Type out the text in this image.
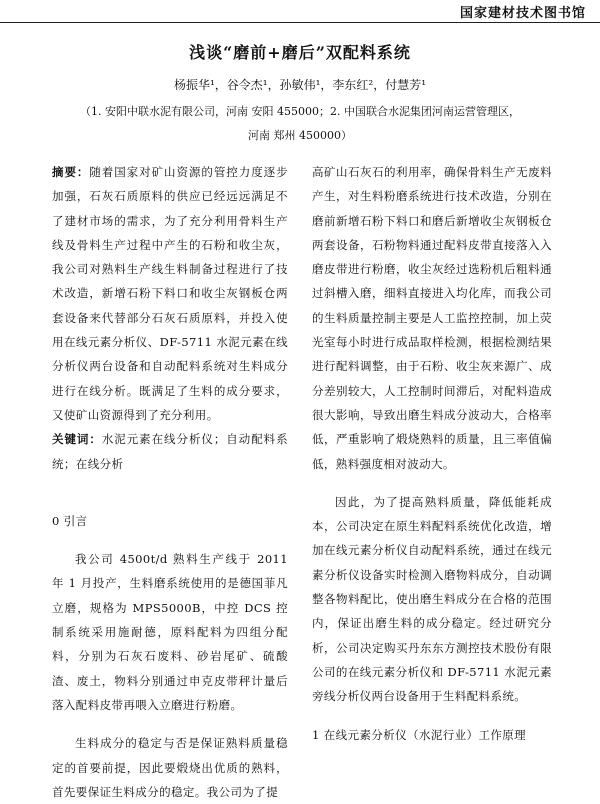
国家建材技术图书馆
浅谈“磨前+磨后”双配料系统
杨振华¹，谷令杰¹，孙敏伟¹，李东红²，付慧芳¹
（1. 安阳中联水泥有限公司，河南 安阳 455000；2. 中国联合水泥集团河南运营管理区，
河南 郑州 450000）

摘要：随着国家对矿山资源的管控力度逐步加强，石灰石质原料的供应已经远远满足不了建材市场的需求，为了充分利用骨料生产线及骨料生产过程中产生的石粉和收尘灰，我公司对熟料生产线生料制备过程进行了技术改造，新增石粉下料口和收尘灰钢板仓两套设备来代替部分石灰石质原料，并投入使用在线元素分析仪、DF-5711 水泥元素在线分析仪两台设备和自动配料系统对生料成分进行在线分析。既满足了生料的成分要求，又使矿山资源得到了充分利用。

关键词：水泥元素在线分析仪；自动配料系统；在线分析

0 引言

我公司 4500t/d 熟料生产线于 2011 年 1 月投产，生料磨系统使用的是德国菲凡立磨，规格为 MPS5000B，中控 DCS 控制系统采用施耐德，原料配料为四组分配料，分别为石灰石废料、砂岩尾矿、硫酸渣、废土，物料分别通过申克皮带秤计量后落入配料皮带再喂入立磨进行粉磨。

生料成分的稳定与否是保证熟料质量稳定的首要前提，因此要煅烧出优质的熟料，首先要保证生料成分的稳定。我公司为了提

高矿山石灰石的利用率，确保骨料生产无废料产生，对生料粉磨系统进行技术改造，分别在磨前新增石粉下料口和磨后新增收尘灰钢板仓两套设备，石粉物料通过配料皮带直接落入入磨皮带进行粉磨，收尘灰经过选粉机后粗料通过斜槽入磨，细料直接进入均化库，而我公司的生料质量控制主要是人工监控控制，加上荧光室每小时进行成品取样检测，根据检测结果进行配料调整，由于石粉、收尘灰来源广、成分差别较大，人工控制时间滞后，对配料造成很大影响，导致出磨生料成分波动大，合格率低，严重影响了煅烧熟料的质量，且三率值偏低，熟料强度相对波动大。

因此，为了提高熟料质量，降低能耗成本，公司决定在原生料配料系统优化改造，增加在线元素分析仪自动配料系统，通过在线元素分析仪设备实时检测入磨物料成分，自动调整各物料配比，使出磨生料成分在合格的范围内，保证出磨生料的成分稳定。经过研究分析，公司决定购买丹东东方测控技术股份有限公司的在线元素分析仪和 DF-5711 水泥元素旁线分析仪两台设备用于生料配料系统。

1 在线元素分析仪（水泥行业）工作原理
